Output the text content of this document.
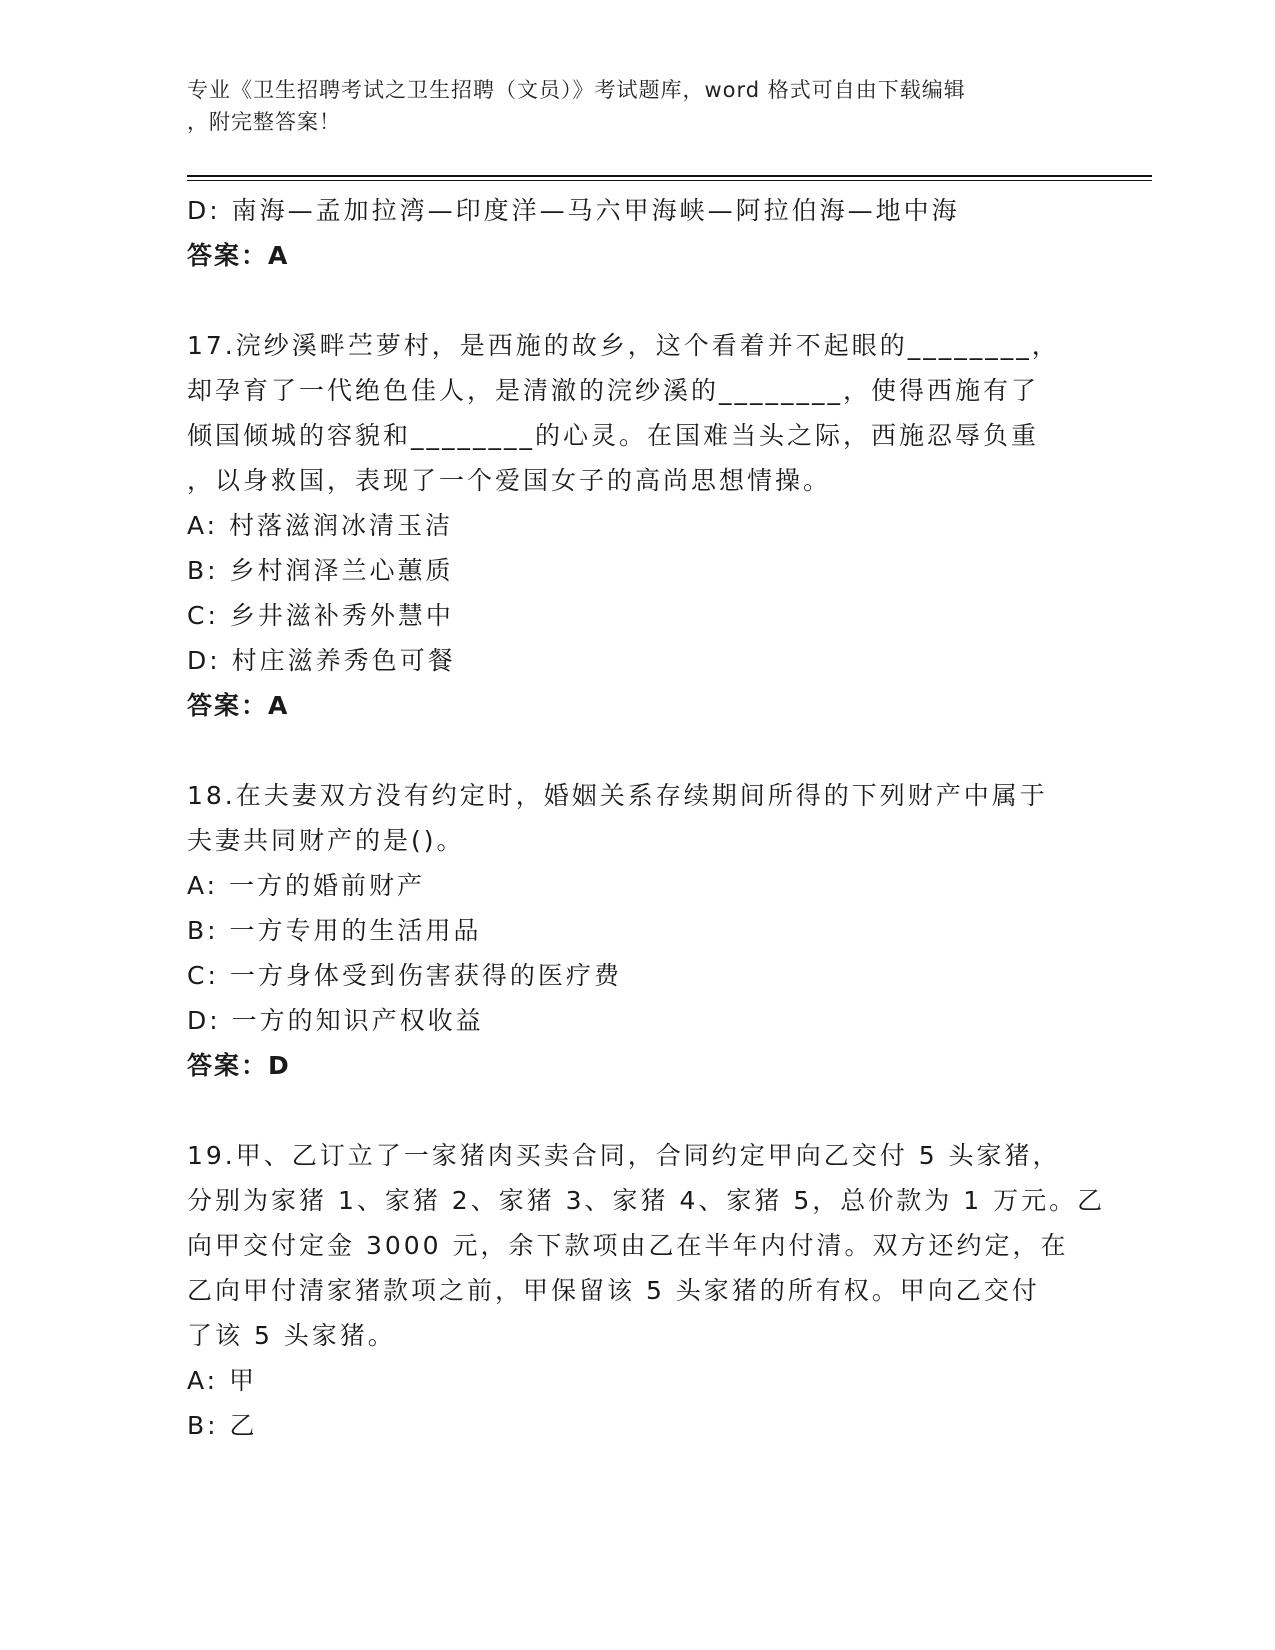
专业《卫生招聘考试之卫生招聘（文员）》考试题库，word 格式可自由下载编辑
，附完整答案！
D: 南海—孟加拉湾—印度洋—马六甲海峡—阿拉伯海—地中海
答案：A
17.浣纱溪畔苎萝村，是西施的故乡，这个看着并不起眼的________，
却孕育了一代绝色佳人，是清澈的浣纱溪的________，使得西施有了
倾国倾城的容貌和________的心灵。在国难当头之际，西施忍辱负重
，以身救国，表现了一个爱国女子的高尚思想情操。
A: 村落滋润冰清玉洁
B: 乡村润泽兰心蕙质
C: 乡井滋补秀外慧中
D: 村庄滋养秀色可餐
答案：A
18.在夫妻双方没有约定时，婚姻关系存续期间所得的下列财产中属于
夫妻共同财产的是()。
A: 一方的婚前财产
B: 一方专用的生活用品
C: 一方身体受到伤害获得的医疗费
D: 一方的知识产权收益
答案：D
19.甲、乙订立了一家猪肉买卖合同，合同约定甲向乙交付 5 头家猪，
分别为家猪 1、家猪 2、家猪 3、家猪 4、家猪 5，总价款为 1 万元。乙
向甲交付定金 3000 元，余下款项由乙在半年内付清。双方还约定，在
乙向甲付清家猪款项之前，甲保留该 5 头家猪的所有权。甲向乙交付
了该 5 头家猪。
A: 甲
B: 乙
